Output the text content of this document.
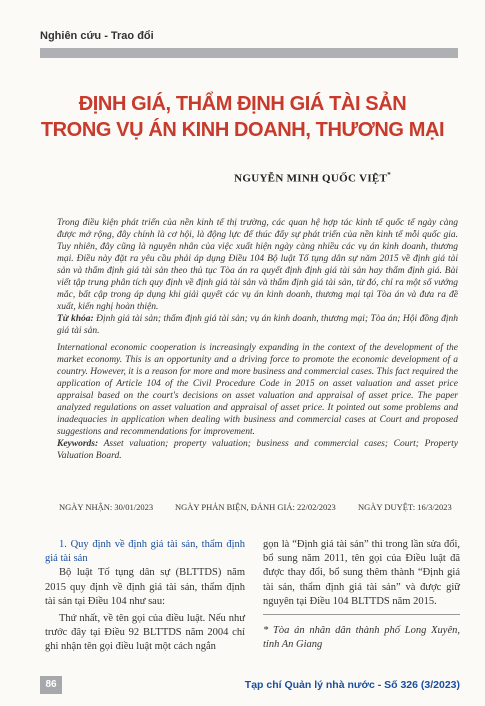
Nghiên cứu - Trao đổi
ĐỊNH GIÁ, THẨM ĐỊNH GIÁ TÀI SẢN
TRONG VỤ ÁN KINH DOANH, THƯƠNG MẠI
NGUYỄN MINH QUỐC VIỆT*

Trong điều kiện phát triển của nền kinh tế thị trường, các quan hệ hợp tác kinh tế quốc tế ngày càng được mở rộng, đây chính là cơ hội, là động lực để thúc đẩy sự phát triển của nền kinh tế mỗi quốc gia. Tuy nhiên, đây cũng là nguyên nhân của việc xuất hiện ngày càng nhiều các vụ án kinh doanh, thương mại. Điều này đặt ra yêu cầu phải áp dụng Điều 104 Bộ luật Tố tụng dân sự năm 2015 về định giá tài sản và thẩm định giá tài sản theo thủ tục Tòa án ra quyết định định giá tài sản hay thẩm định giá. Bài viết tập trung phân tích quy định về định giá tài sản và thẩm định giá tài sản, từ đó, chỉ ra một số vướng mắc, bất cập trong áp dụng khi giải quyết các vụ án kinh doanh, thương mại tại Tòa án và đưa ra đề xuất, kiến nghị hoàn thiện.

Từ khóa: Định giá tài sản; thẩm định giá tài sản; vụ án kinh doanh, thương mại; Tòa án; Hội đồng định giá tài sản.

International economic cooperation is increasingly expanding in the context of the development of the market economy. This is an opportunity and a driving force to promote the economic development of a country. However, it is a reason for more and more business and commercial cases. This fact required the application of Article 104 of the Civil Procedure Code in 2015 on asset valuation and asset price appraisal based on the court's decisions on asset valuation and appraisal of asset price. The paper analyzed regulations on asset valuation and appraisal of asset price. It pointed out some problems and inadequacies in application when dealing with business and commercial cases at Court and proposed suggestions and recommendations for improvement.

Keywords: Asset valuation; property valuation; business and commercial cases; Court; Property Valuation Board.

NGÀY NHẬN: 30/01/2023	NGÀY PHẢN BIỆN, ĐÁNH GIÁ: 22/02/2023	NGÀY DUYỆT: 16/3/2023

1. Quy định về định giá tài sản, thẩm định giá tài sản

Bộ luật Tố tụng dân sự (BLTTDS) năm 2015 quy định về định giá tài sản, thẩm định tài sản tại Điều 104 như sau:

Thứ nhất, về tên gọi của điều luật. Nếu như trước đây tại Điều 92 BLTTDS năm 2004 chỉ ghi nhận tên gọi điều luật một cách ngắn

gọn là “Định giá tài sản” thì trong lần sửa đổi, bổ sung năm 2011, tên gọi của Điều luật đã được thay đổi, bổ sung thêm thành “Định giá tài sản, thẩm định giá tài sản” và được giữ nguyên tại Điều 104 BLTTDS năm 2015.

* Tòa án nhân dân thành phố Long Xuyên, tỉnh An Giang
86	Tạp chí Quản lý nhà nước - Số 326 (3/2023)
